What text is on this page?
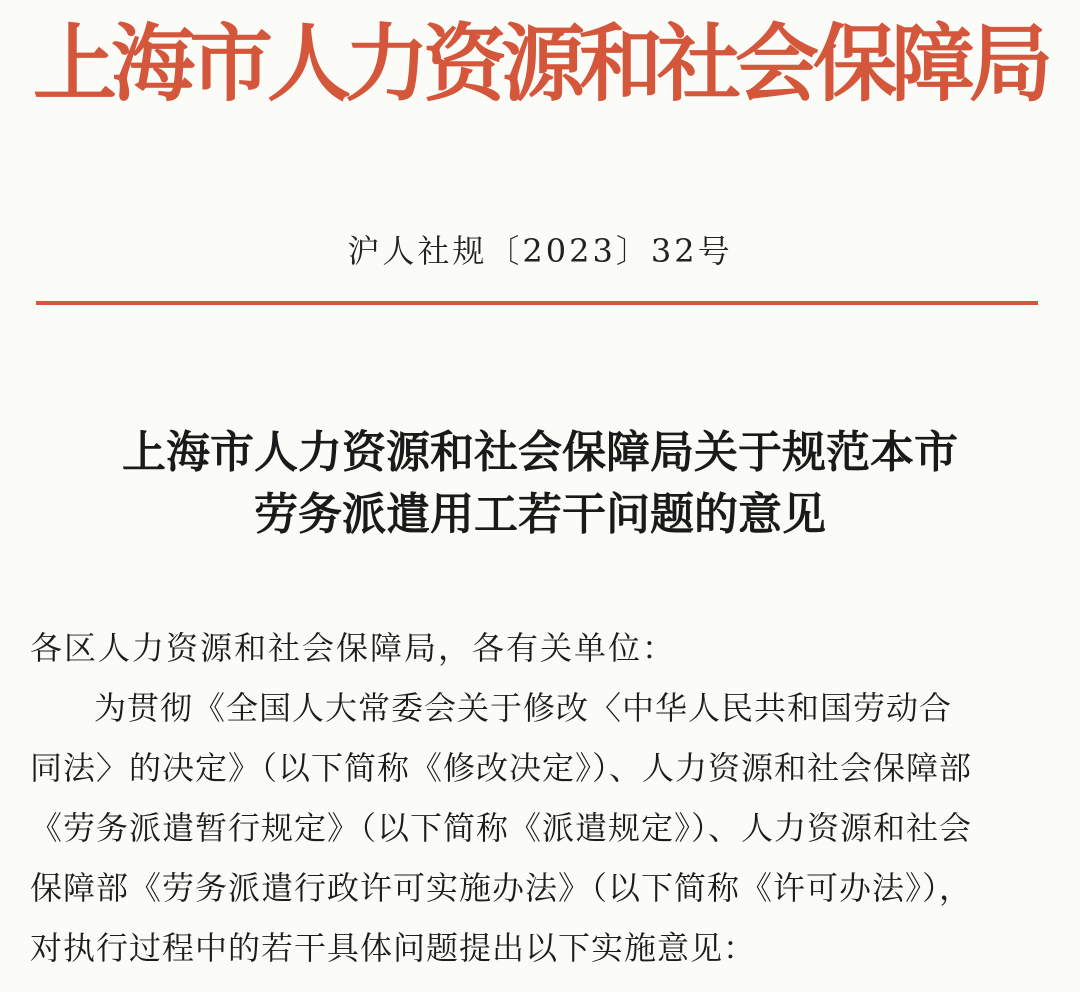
上海市人力资源和社会保障局
沪人社规〔2023〕32号
上海市人力资源和社会保障局关于规范本市
劳务派遣用工若干问题的意见
各区人力资源和社会保障局，各有关单位：
为贯彻《全国人大常委会关于修改〈中华人民共和国劳动合
同法〉的决定》（以下简称《修改决定》）、人力资源和社会保障部
《劳务派遣暂行规定》（以下简称《派遣规定》）、人力资源和社会
保障部《劳务派遣行政许可实施办法》（以下简称《许可办法》），
对执行过程中的若干具体问题提出以下实施意见：
